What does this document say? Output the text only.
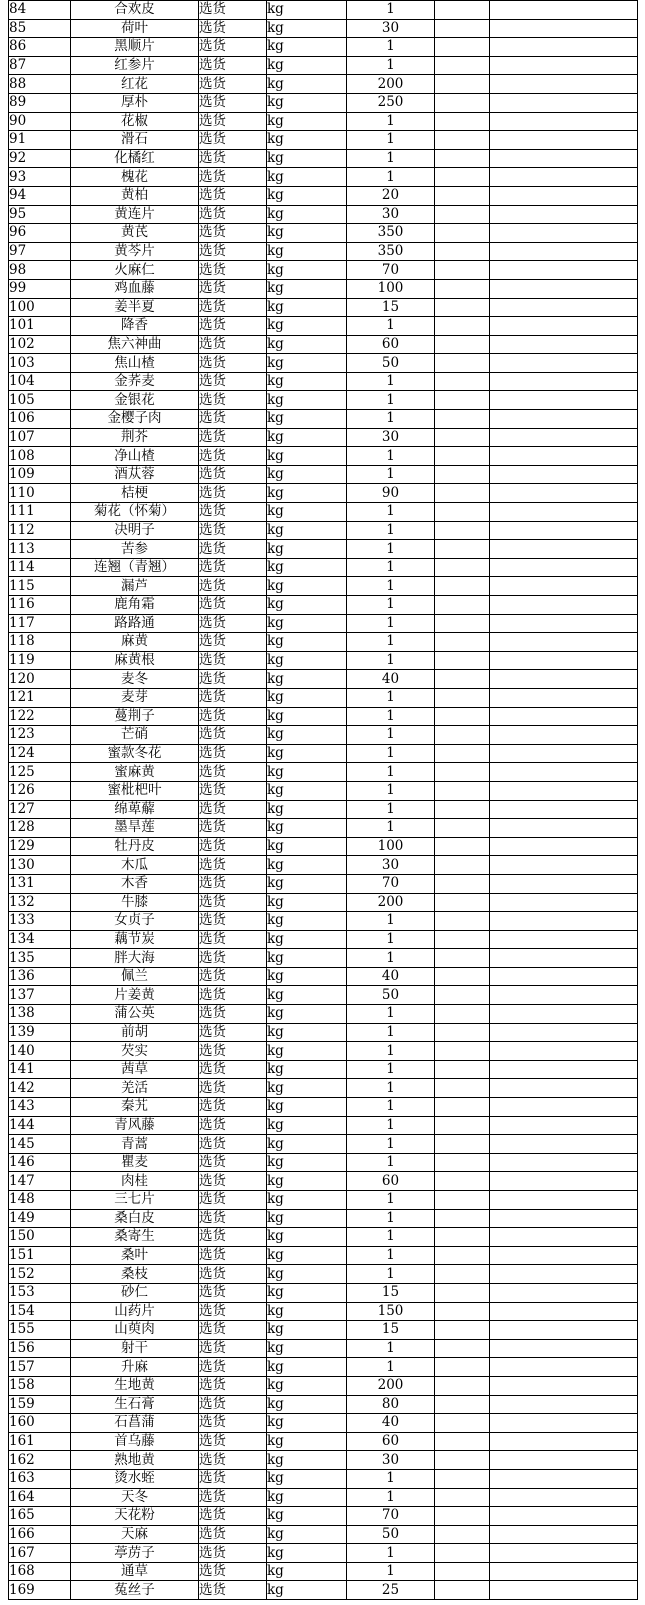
84	合欢皮	选货	kg	1		
85	荷叶	选货	kg	30		
86	黑顺片	选货	kg	1		
87	红参片	选货	kg	1		
88	红花	选货	kg	200		
89	厚朴	选货	kg	250		
90	花椒	选货	kg	1		
91	滑石	选货	kg	1		
92	化橘红	选货	kg	1		
93	槐花	选货	kg	1		
94	黄柏	选货	kg	20		
95	黄连片	选货	kg	30		
96	黄芪	选货	kg	350		
97	黄芩片	选货	kg	350		
98	火麻仁	选货	kg	70		
99	鸡血藤	选货	kg	100		
100	姜半夏	选货	kg	15		
101	降香	选货	kg	1		
102	焦六神曲	选货	kg	60		
103	焦山楂	选货	kg	50		
104	金荞麦	选货	kg	1		
105	金银花	选货	kg	1		
106	金樱子肉	选货	kg	1		
107	荆芥	选货	kg	30		
108	净山楂	选货	kg	1		
109	酒苁蓉	选货	kg	1		
110	桔梗	选货	kg	90		
111	菊花（怀菊）	选货	kg	1		
112	决明子	选货	kg	1		
113	苦参	选货	kg	1		
114	连翘（青翘）	选货	kg	1		
115	漏芦	选货	kg	1		
116	鹿角霜	选货	kg	1		
117	路路通	选货	kg	1		
118	麻黄	选货	kg	1		
119	麻黄根	选货	kg	1		
120	麦冬	选货	kg	40		
121	麦芽	选货	kg	1		
122	蔓荆子	选货	kg	1		
123	芒硝	选货	kg	1		
124	蜜款冬花	选货	kg	1		
125	蜜麻黄	选货	kg	1		
126	蜜枇杷叶	选货	kg	1		
127	绵萆薢	选货	kg	1		
128	墨旱莲	选货	kg	1		
129	牡丹皮	选货	kg	100		
130	木瓜	选货	kg	30		
131	木香	选货	kg	70		
132	牛膝	选货	kg	200		
133	女贞子	选货	kg	1		
134	藕节炭	选货	kg	1		
135	胖大海	选货	kg	1		
136	佩兰	选货	kg	40		
137	片姜黄	选货	kg	50		
138	蒲公英	选货	kg	1		
139	前胡	选货	kg	1		
140	芡实	选货	kg	1		
141	茜草	选货	kg	1		
142	羌活	选货	kg	1		
143	秦艽	选货	kg	1		
144	青风藤	选货	kg	1		
145	青蒿	选货	kg	1		
146	瞿麦	选货	kg	1		
147	肉桂	选货	kg	60		
148	三七片	选货	kg	1		
149	桑白皮	选货	kg	1		
150	桑寄生	选货	kg	1		
151	桑叶	选货	kg	1		
152	桑枝	选货	kg	1		
153	砂仁	选货	kg	15		
154	山药片	选货	kg	150		
155	山萸肉	选货	kg	15		
156	射干	选货	kg	1		
157	升麻	选货	kg	1		
158	生地黄	选货	kg	200		
159	生石膏	选货	kg	80		
160	石菖蒲	选货	kg	40		
161	首乌藤	选货	kg	60		
162	熟地黄	选货	kg	30		
163	烫水蛭	选货	kg	1		
164	天冬	选货	kg	1		
165	天花粉	选货	kg	70		
166	天麻	选货	kg	50		
167	葶苈子	选货	kg	1		
168	通草	选货	kg	1		
169	菟丝子	选货	kg	25		
